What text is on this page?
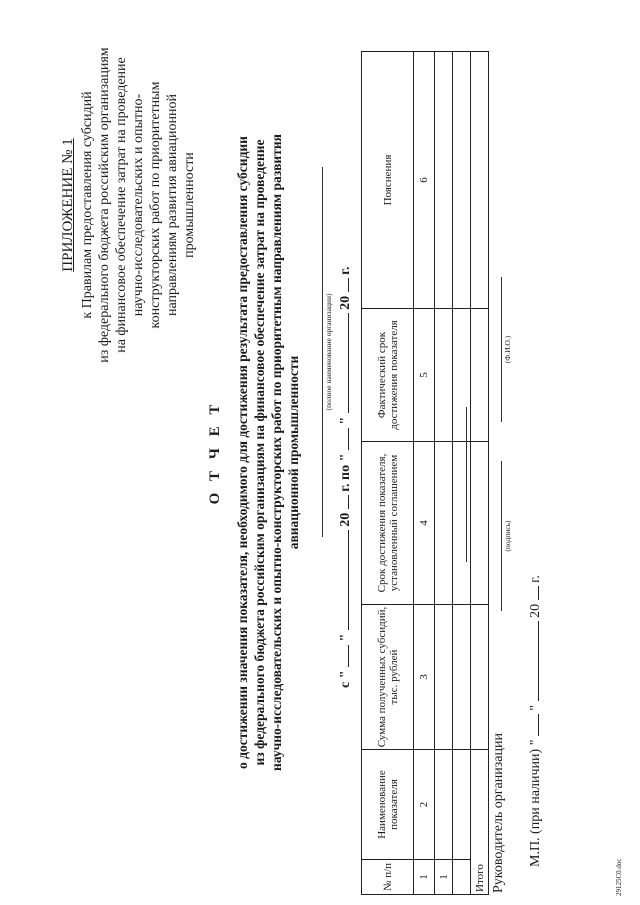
ПРИЛОЖЕНИЕ № 1 к Правилам предоставления субсидий из федерального бюджета российским организациям на финансовое обеспечение затрат на проведение научно-исследовательских и опытно- конструкторских работ по приоритетным направлениям развития авиационной промышленности
О Т Ч Е Т о достижении значения показателя, необходимого для достижения результата предоставления субсидии из федерального бюджета российским организациям на финансовое обеспечение затрат на проведение научно-исследовательских и опытно-конструкторских работ по приоритетным направлениям развития авиационной промышленности
(полное наименование организации)
с "  "  20  г. по "  "  20  г.
№ п/п	Наименование показателя	Сумма полученных субсидий, тыс. рублей	Срок достижения показателя, установленный соглашением	Фактический срок достижения показателя	Пояснения
1	2	3	4	5	6
1					

Итого					Руководитель организации
(подпись)
(Ф.И.О.)
М.П. (при наличии) "  "  20  г.
29125C0.doc
